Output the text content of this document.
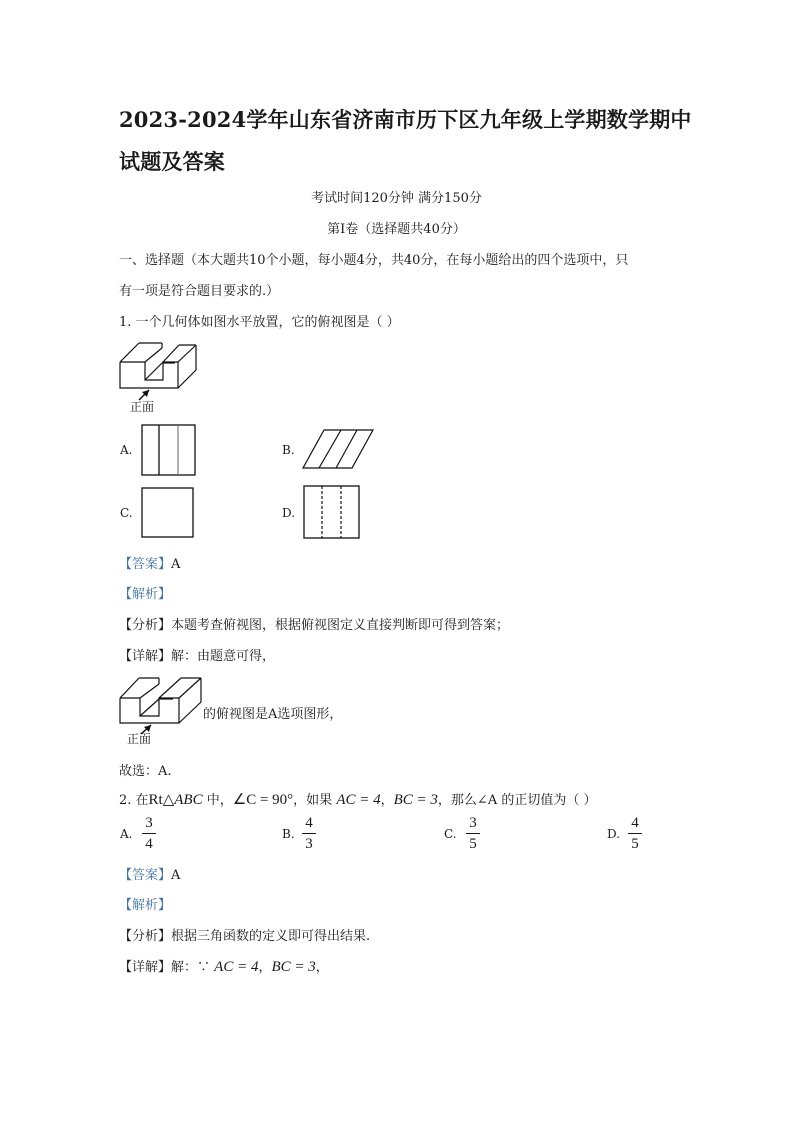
2023-2024学年山东省济南市历下区九年级上学期数学期中
试题及答案
考试时间120分钟 满分150分
第Ⅰ卷（选择题共40分）
一、选择题（本大题共10个小题，每小题4分，共40分，在每小题给出的四个选项中，只
有一项是符合题目要求的.）
1. 一个几何体如图水平放置，它的俯视图是（ ）
正面
A.	B.
C.	D.
【答案】A
【解析】
【分析】本题考查俯视图，根据俯视图定义直接判断即可得到答案；
【详解】解：由题意可得，
的俯视图是A选项图形，
正面
故选：A.
2. 在Rt△ABC 中，∠C = 90°，如果 AC = 4，BC = 3，那么∠A 的正切值为（ ）
A.
3
4
B.
4
3
C.
3
5
D.
4
5
【答案】A
【解析】
【分析】根据三角函数的定义即可得出结果.
【详解】解：∵ AC = 4，BC = 3，
